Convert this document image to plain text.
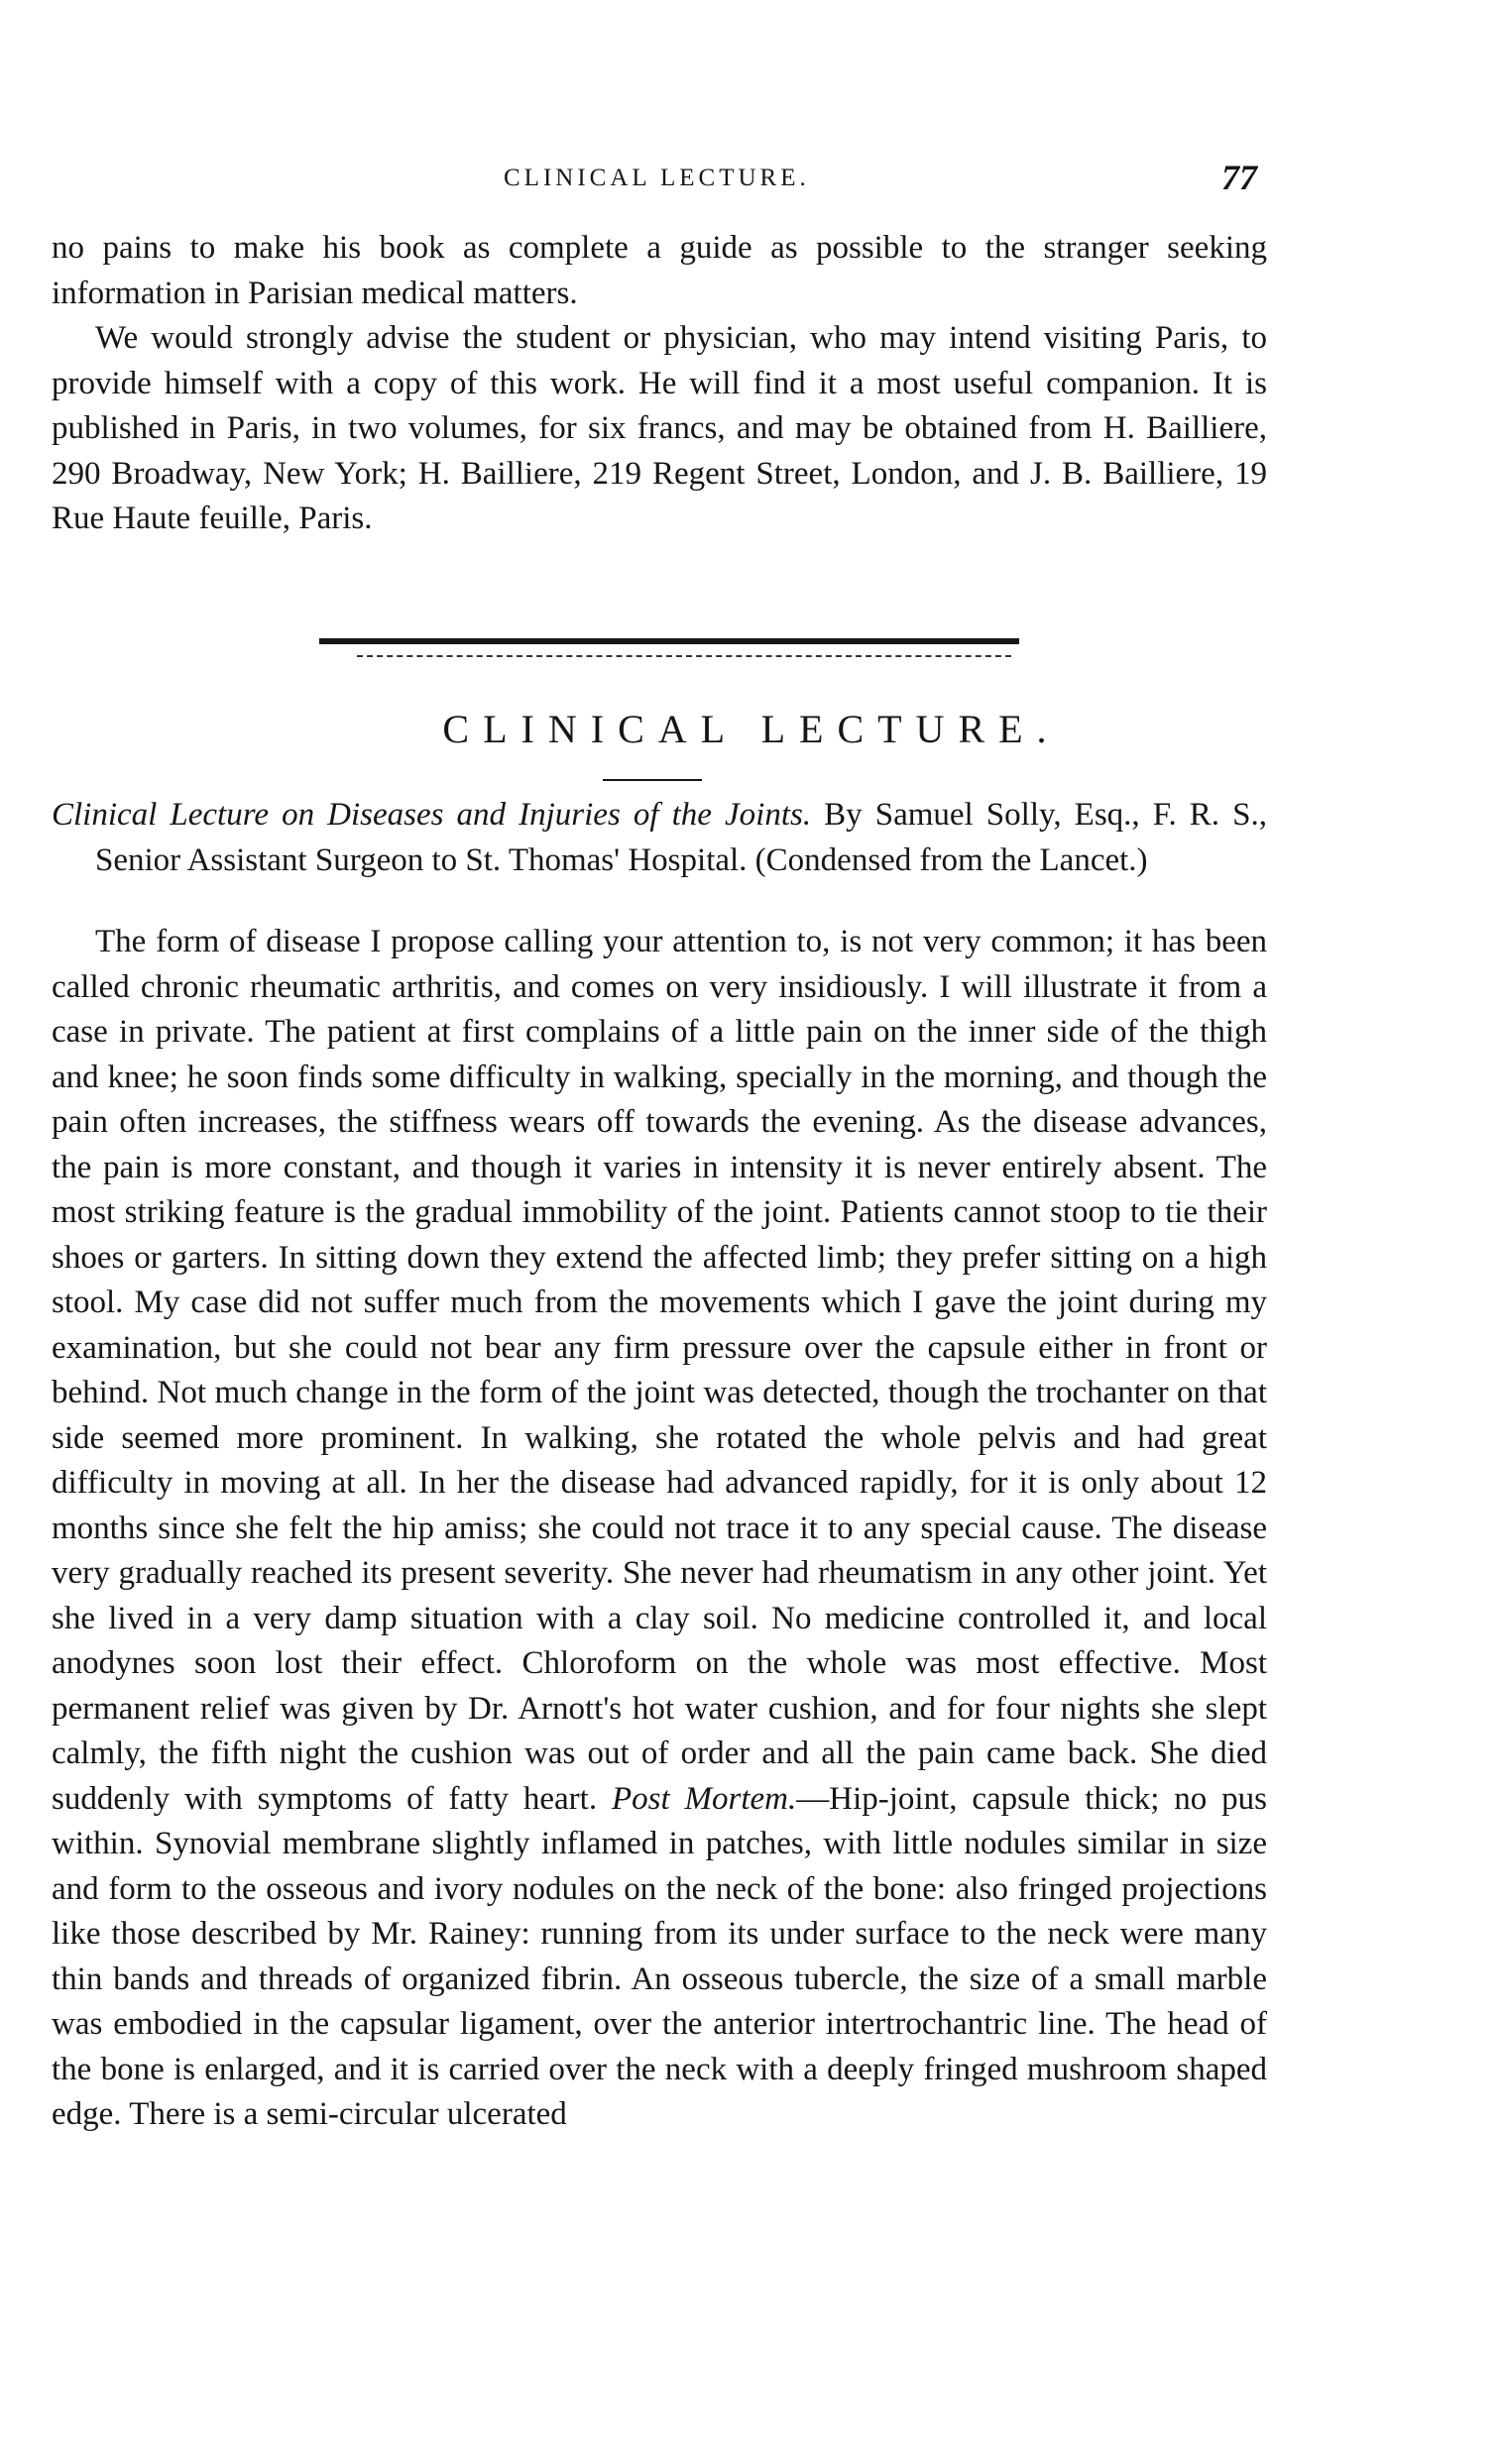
CLINICAL LECTURE.	77

no pains to make his book as complete a guide as possible to the stranger seeking information in Parisian medical matters.

We would strongly advise the student or physician, who may intend visiting Paris, to provide himself with a copy of this work. He will find it a most useful companion. It is published in Paris, in two volumes, for six francs, and may be obtained from H. Bailliere, 290 Broadway, New York; H. Bailliere, 219 Regent Street, London, and J. B. Bailliere, 19 Rue Haute feuille, Paris.

CLINICAL LECTURE.

Clinical Lecture on Diseases and Injuries of the Joints. By Samuel Solly, Esq., F. R. S., Senior Assistant Surgeon to St. Thomas' Hospital. (Condensed from the Lancet.)

The form of disease I propose calling your attention to, is not very common; it has been called chronic rheumatic arthritis, and comes on very insidiously. I will illustrate it from a case in private. The patient at first complains of a little pain on the inner side of the thigh and knee; he soon finds some difficulty in walking, specially in the morning, and though the pain often increases, the stiffness wears off towards the evening. As the disease advances, the pain is more constant, and though it varies in intensity it is never entirely absent. The most striking feature is the gradual immobility of the joint. Patients cannot stoop to tie their shoes or garters. In sitting down they extend the affected limb; they prefer sitting on a high stool. My case did not suffer much from the movements which I gave the joint during my examination, but she could not bear any firm pressure over the capsule either in front or behind. Not much change in the form of the joint was detected, though the trochanter on that side seemed more prominent. In walking, she rotated the whole pelvis and had great difficulty in moving at all. In her the disease had advanced rapidly, for it is only about 12 months since she felt the hip amiss; she could not trace it to any special cause. The disease very gradually reached its present severity. She never had rheumatism in any other joint. Yet she lived in a very damp situation with a clay soil. No medicine controlled it, and local anodynes soon lost their effect. Chloroform on the whole was most effective. Most permanent relief was given by Dr. Arnott's hot water cushion, and for four nights she slept calmly, the fifth night the cushion was out of order and all the pain came back. She died suddenly with symptoms of fatty heart. Post Mortem.—Hip-joint, capsule thick; no pus within. Synovial membrane slightly inflamed in patches, with little nodules similar in size and form to the osseous and ivory nodules on the neck of the bone: also fringed projections like those described by Mr. Rainey: running from its under surface to the neck were many thin bands and threads of organized fibrin. An osseous tubercle, the size of a small marble was embodied in the capsular ligament, over the anterior intertrochantric line. The head of the bone is enlarged, and it is carried over the neck with a deeply fringed mushroom shaped edge. There is a semi-circular ulcerated
